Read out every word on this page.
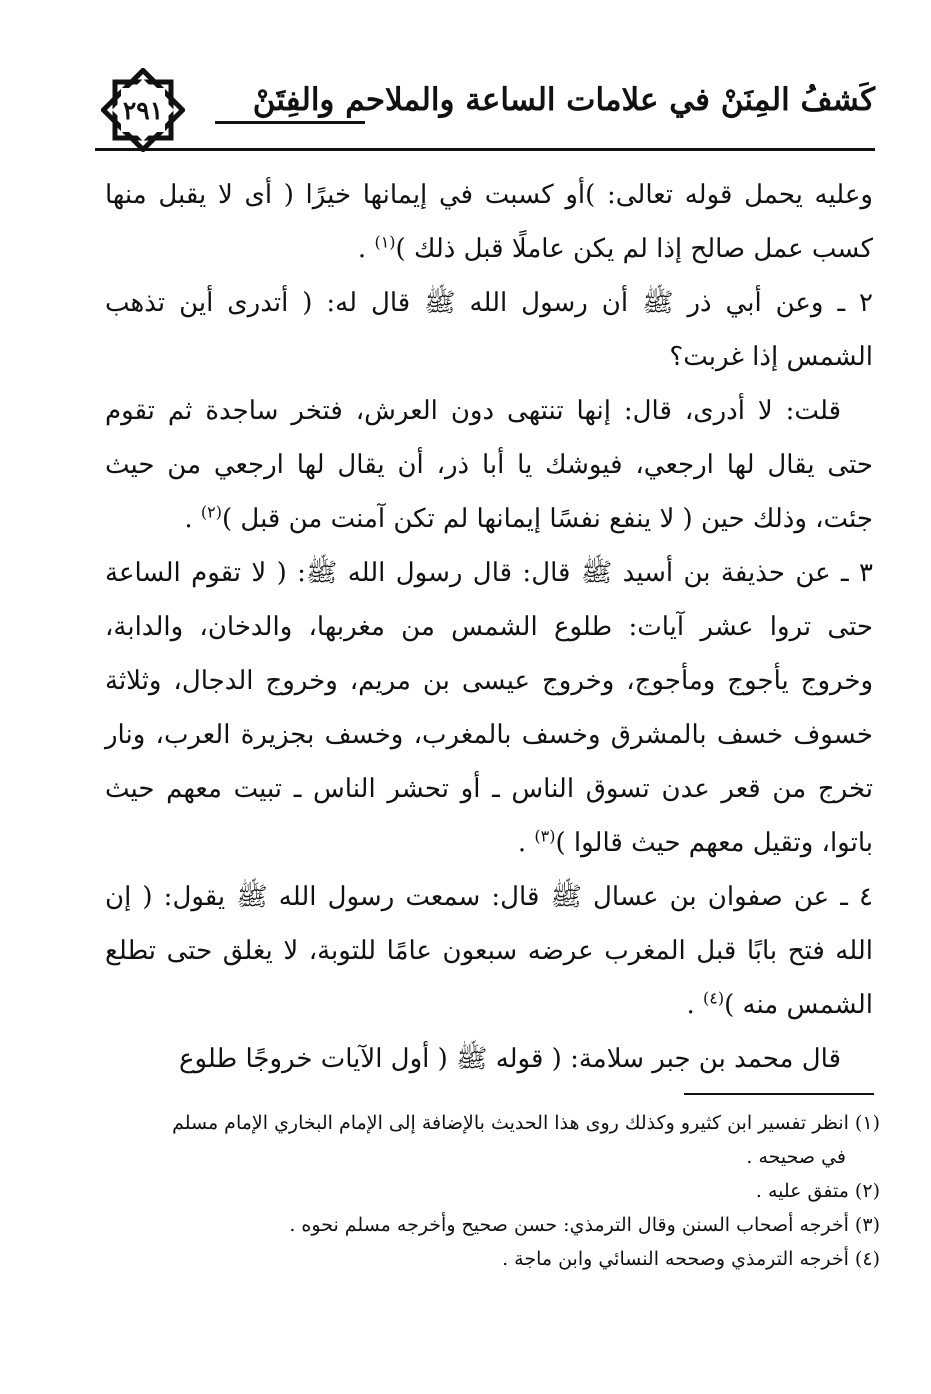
٢٩١	كَشفُ المِنَنْ في علامات الساعة والملاحم والفِتَنْ

وعليه يحمل قوله تعالى: )أو كسبت في إيمانها خيرًا ( أى لا يقبل منها كسب عمل صالح إذا لم يكن عاملًا قبل ذلك )$^{(١)}$ .

٢ ـ وعن أبي ذر ﷺ أن رسول الله ﷺ قال له: ( أتدرى أين تذهب الشمس إذا غربت؟

قلت: لا أدرى، قال: إنها تنتهى دون العرش، فتخر ساجدة ثم تقوم حتى يقال لها ارجعي، فيوشك يا أبا ذر، أن يقال لها ارجعي من حيث جئت، وذلك حين ( لا ينفع نفسًا إيمانها لم تكن آمنت من قبل )$^{(٢)}$ .

٣ ـ عن حذيفة بن أسيد ﷺ قال: قال رسول الله ﷺ: ( لا تقوم الساعة حتى تروا عشر آيات: طلوع الشمس من مغربها، والدخان، والدابة، وخروج يأجوج ومأجوج، وخروج عيسى بن مريم، وخروج الدجال، وثلاثة خسوف خسف بالمشرق وخسف بالمغرب، وخسف بجزيرة العرب، ونار تخرج من قعر عدن تسوق الناس ـ أو تحشر الناس ـ تبيت معهم حيث باتوا، وتقيل معهم حيث قالوا )$^{(٣)}$ .

٤ ـ عن صفوان بن عسال ﷺ قال: سمعت رسول الله ﷺ يقول: ( إن الله فتح بابًا قبل المغرب عرضه سبعون عامًا للتوبة، لا يغلق حتى تطلع الشمس منه )$^{(٤)}$ .

قال محمد بن جبر سلامة: ( قوله ﷺ ( أول الآيات خروجًا طلوع

(١) انظر تفسير ابن كثيرو وكذلك روى هذا الحديث بالإضافة إلى الإمام البخاري الإمام مسلم

في صحيحه .

(٢) متفق عليه .

(٣) أخرجه أصحاب السنن وقال الترمذي: حسن صحيح وأخرجه مسلم نحوه .

(٤) أخرجه الترمذي وصححه النسائي وابن ماجة .
